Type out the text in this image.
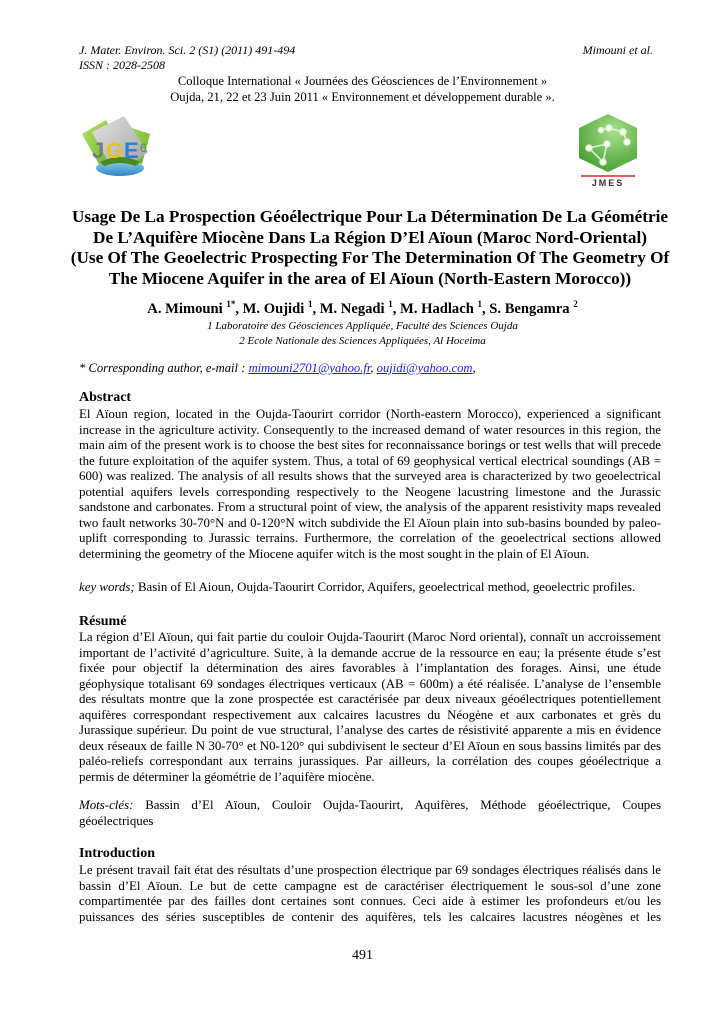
J. Mater. Environ. Sci. 2 (S1) (2011) 491-494
ISSN : 2028-2508
Mimouni et al.
Colloque International « Journées des Géosciences de l’Environnement »
Oujda, 21, 22 et 23 Juin 2011 « Environnement et développement durable ».
J G E 6
JMES
Usage De La Prospection Géoélectrique Pour La Détermination De La Géométrie
De L’Aquifère Miocène Dans La Région D’El Aïoun (Maroc Nord-Oriental)
(Use Of The Geoelectric Prospecting For The Determination Of The Geometry Of
The Miocene Aquifer in the area of El Aïoun (North-Eastern Morocco))
A. Mimouni $^{1*}$, M. Oujidi $^1$, M. Negadi $^1$, M. Hadlach $^1$, S. Bengamra $^2$
1 Laboratoire des Géosciences Appliquée, Faculté des Sciences Oujda
2 Ecole Nationale des Sciences Appliquées, Al Hoceima
* Corresponding author, e-mail : mimouni2701@yahoo.fr, oujidi@yahoo.com,
Abstract
El Aïoun region, located in the Oujda-Taourirt corridor (North-eastern Morocco), experienced a significant
increase in the agriculture activity. Consequently to the increased demand of water resources in this region, the
main aim of the present work is to choose the best sites for reconnaissance borings or test wells that will precede
the future exploitation of the aquifer system. Thus, a total of 69 geophysical vertical electrical soundings (AB =
600) was realized. The analysis of all results shows that the surveyed area is characterized by two geoelectrical
potential aquifers levels corresponding respectively to the Neogene lacustring limestone and the Jurassic
sandstone and carbonates. From a structural point of view, the analysis of the apparent resistivity maps revealed
two fault networks 30-70°N and 0-120°N witch subdivide the El Aïoun plain into sub-basins bounded by paleo-
uplift corresponding to Jurassic terrains. Furthermore, the correlation of the geoelectrical sections allowed
determining the geometry of the Miocene aquifer witch is the most sought in the plain of El Aïoun.
key words; Basin of El Aioun, Oujda-Taourirt Corridor, Aquifers, geoelectrical method, geoelectric profiles.
Résumé
La région d’El Aïoun, qui fait partie du couloir Oujda-Taourirt (Maroc Nord oriental), connaît un accroissement
important de l’activité d’agriculture. Suite, à la demande accrue de la ressource en eau; la présente étude s’est
fixée pour objectif la détermination des aires favorables à l’implantation des forages. Ainsi, une étude
géophysique totalisant 69 sondages électriques verticaux (AB = 600m) a été réalisée. L’analyse de l’ensemble
des résultats montre que la zone prospectée est caractérisée par deux niveaux géoélectriques potentiellement
aquifères correspondant respectivement aux calcaires lacustres du Néogène et aux carbonates et grès du
Jurassique supérieur. Du point de vue structural, l’analyse des cartes de résistivité apparente a mis en évidence
deux réseaux de faille N 30-70° et N0-120° qui subdivisent le secteur d’El Aïoun en sous bassins limités par des
paléo-reliefs correspondant aux terrains jurassiques. Par ailleurs, la corrélation des coupes géoélectrique a
permis de déterminer la géométrie de l’aquifère miocène.
Mots-clés: Bassin d’El Aïoun, Couloir Oujda-Taourirt, Aquifères, Méthode géoélectrique, Coupes
géoélectriques
Introduction
Le présent travail fait état des résultats d’une prospection électrique par 69 sondages électriques réalisés dans le
bassin d’El Aïoun. Le but de cette campagne est de caractériser électriquement le sous-sol d’une zone
compartimentée par des failles dont certaines sont connues. Ceci aide à estimer les profondeurs et/ou les
puissances des séries susceptibles de contenir des aquifères, tels les calcaires lacustres néogènes et les
491
